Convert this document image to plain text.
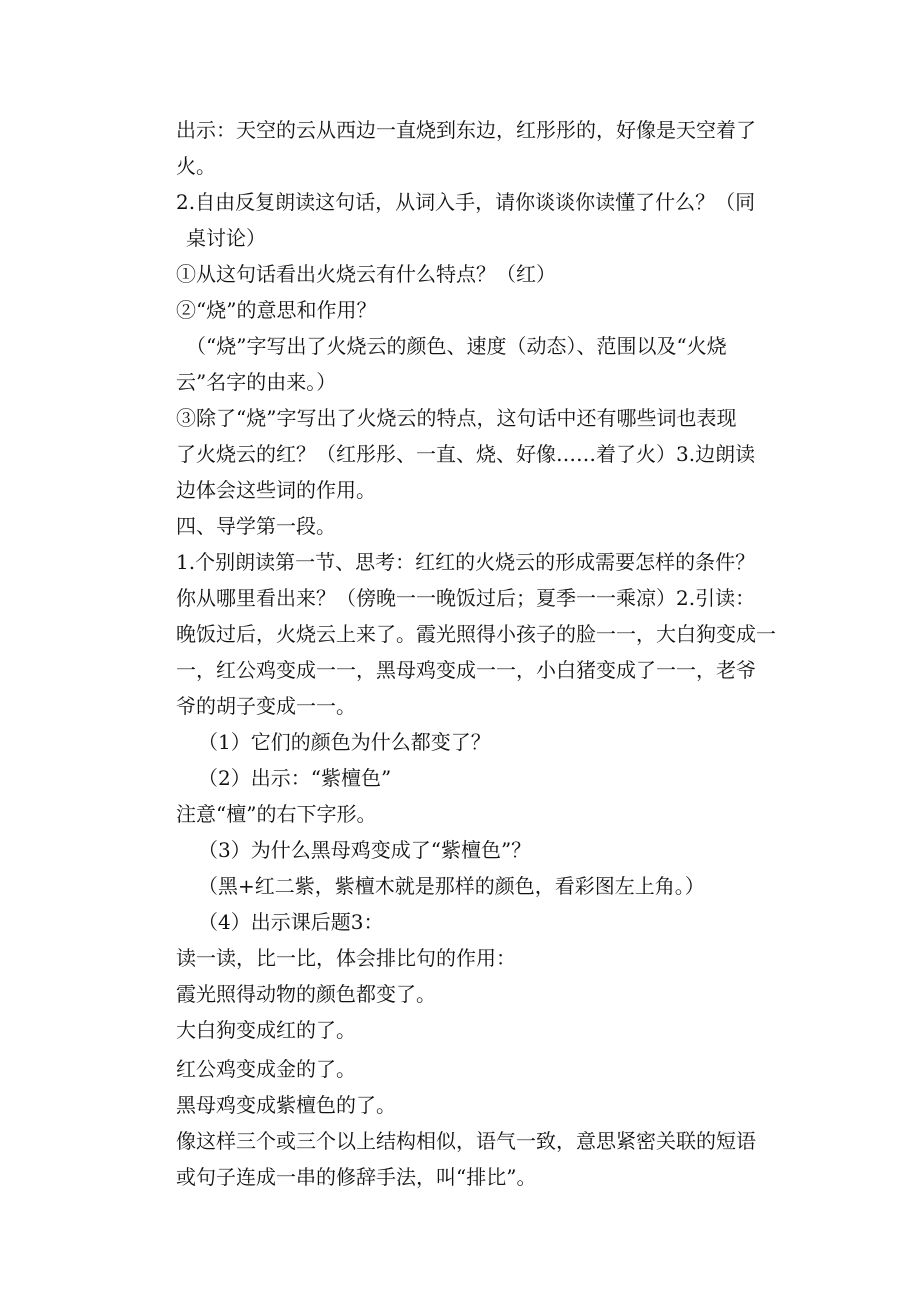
出示：天空的云从西边一直烧到东边，红彤彤的，好像是天空着了
火。
2.自由反复朗读这句话，从词入手，请你谈谈你读懂了什么？（同
桌讨论）
①从这句话看出火烧云有什么特点？（红）
②“烧”的意思和作用？
（“烧”字写出了火烧云的颜色、速度（动态）、范围以及“火烧
云”名字的由来。）
③除了“烧”字写出了火烧云的特点，这句话中还有哪些词也表现
了火烧云的红？（红彤彤、一直、烧、好像……着了火）3.边朗读
边体会这些词的作用。
四、导学第一段。
1.个别朗读第一节、思考：红红的火烧云的形成需要怎样的条件？
你从哪里看出来？（傍晚一一晚饭过后；夏季一一乘凉）2.引读：
晚饭过后，火烧云上来了。霞光照得小孩子的脸一一，大白狗变成一
一，红公鸡变成一一，黑母鸡变成一一，小白猪变成了一一，老爷
爷的胡子变成一一。
（1）它们的颜色为什么都变了？
（2）出示：“紫檀色”
注意“檀”的右下字形。
（3）为什么黑母鸡变成了“紫檀色”？
（黑+红二紫，紫檀木就是那样的颜色，看彩图左上角。）
（4）出示课后题3：
读一读，比一比，体会排比句的作用：
霞光照得动物的颜色都变了。
大白狗变成红的了。
红公鸡变成金的了。
黑母鸡变成紫檀色的了。
像这样三个或三个以上结构相似，语气一致，意思紧密关联的短语
或句子连成一串的修辞手法，叫“排比”。
